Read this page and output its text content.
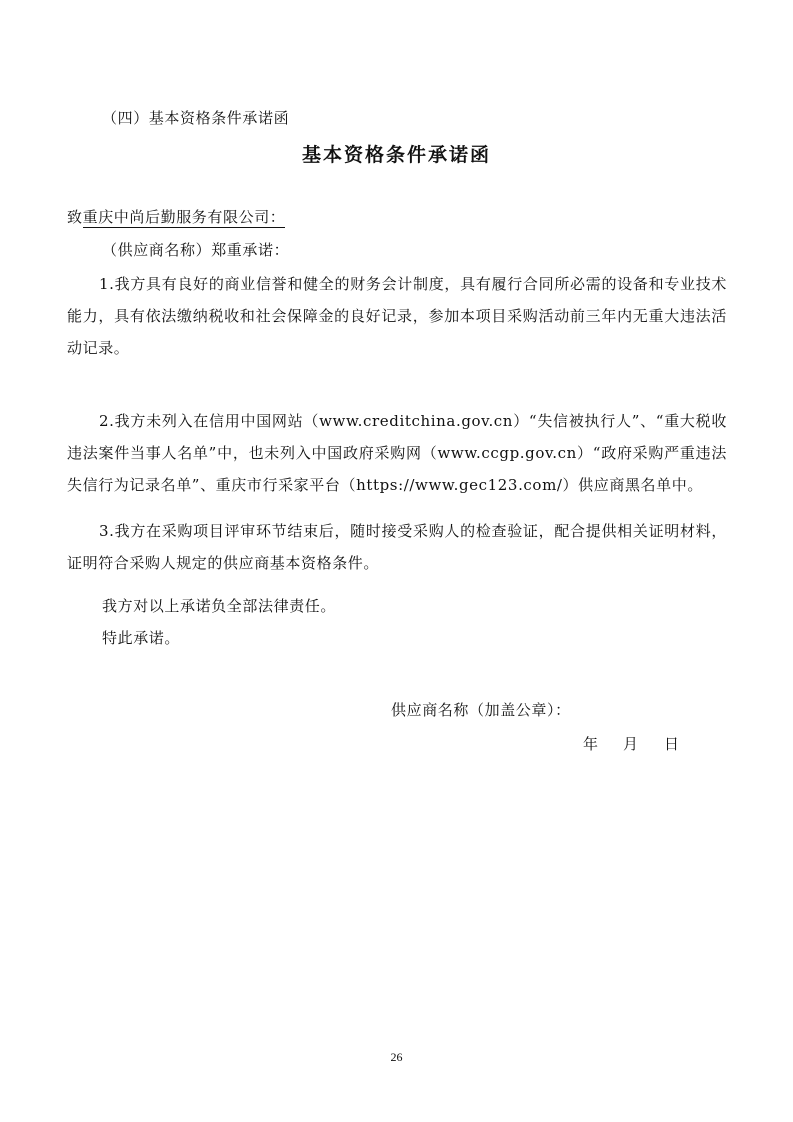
（四）基本资格条件承诺函
基本资格条件承诺函
致重庆中尚后勤服务有限公司：
（供应商名称）郑重承诺：

1.我方具有良好的商业信誉和健全的财务会计制度，具有履行合同所必需的设备和专业技术能力，具有依法缴纳税收和社会保障金的良好记录，参加本项目采购活动前三年内无重大违法活动记录。

2.我方未列入在信用中国网站（www.creditchina.gov.cn）“失信被执行人”、“重大税收违法案件当事人名单”中，也未列入中国政府采购网（www.ccgp.gov.cn）“政府采购严重违法失信行为记录名单”、重庆市行采家平台（https://www.gec123.com/）供应商黑名单中。

3.我方在采购项目评审环节结束后，随时接受采购人的检查验证，配合提供相关证明材料，证明符合采购人规定的供应商基本资格条件。

我方对以上承诺负全部法律责任。
特此承诺。
供应商名称（加盖公章）：
年 月 日
26
